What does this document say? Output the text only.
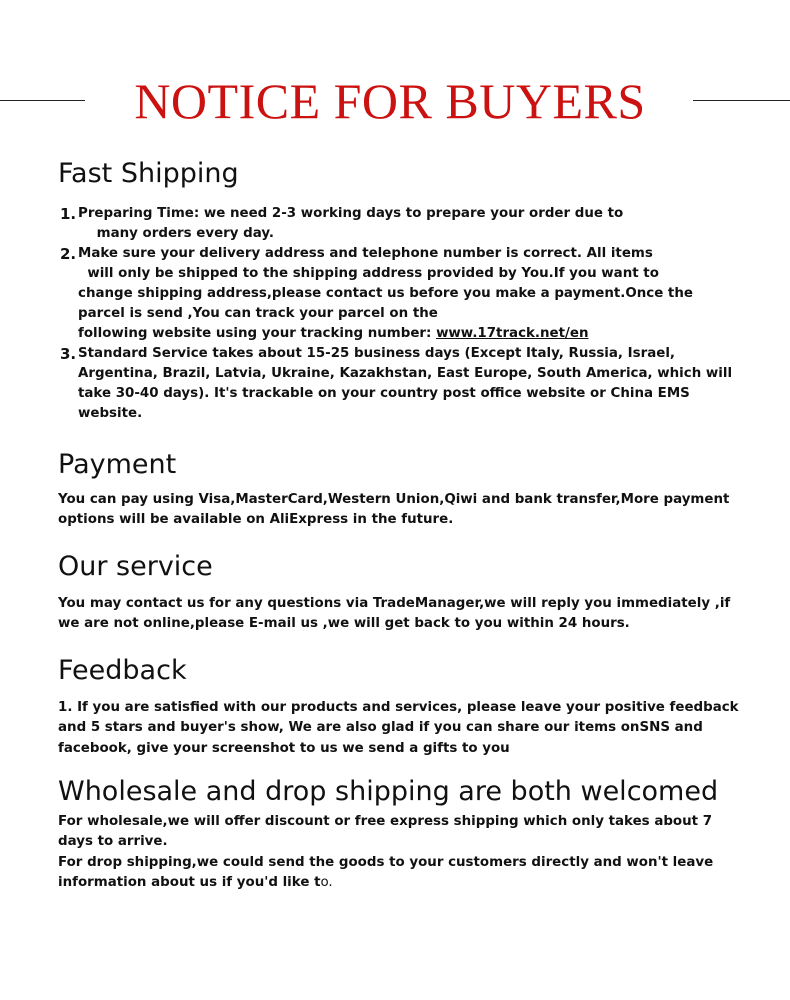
NOTICE FOR BUYERS
Fast Shipping
1. Preparing Time: we need 2-3 working days to prepare your order due to
many orders every day.
2. Make sure your delivery address and telephone number is correct. All items
will only be shipped to the shipping address provided by You.If you want to
change shipping address,please contact us before you make a payment.Once the
parcel is send ,You can track your parcel on the
following website using your tracking number: www.17track.net/en
3. Standard Service takes about 15-25 business days (Except Italy, Russia, Israel,
Argentina, Brazil, Latvia, Ukraine, Kazakhstan, East Europe, South America, which will
take 30-40 days). It's trackable on your country post office website or China EMS
website.
Payment
You can pay using Visa,MasterCard,Western Union,Qiwi and bank transfer,More payment
options will be available on AliExpress in the future.
Our service
You may contact us for any questions via TradeManager,we will reply you immediately ,if
we are not online,please E-mail us ,we will get back to you within 24 hours.
Feedback
1. If you are satisfied with our products and services, please leave your positive feedback
and 5 stars and buyer's show, We are also glad if you can share our items onSNS and
facebook, give your screenshot to us we send a gifts to you
Wholesale and drop shipping are both welcomed
For wholesale,we will offer discount or free express shipping which only takes about 7
days to arrive.
For drop shipping,we could send the goods to your customers directly and won't leave
information about us if you'd like to.
